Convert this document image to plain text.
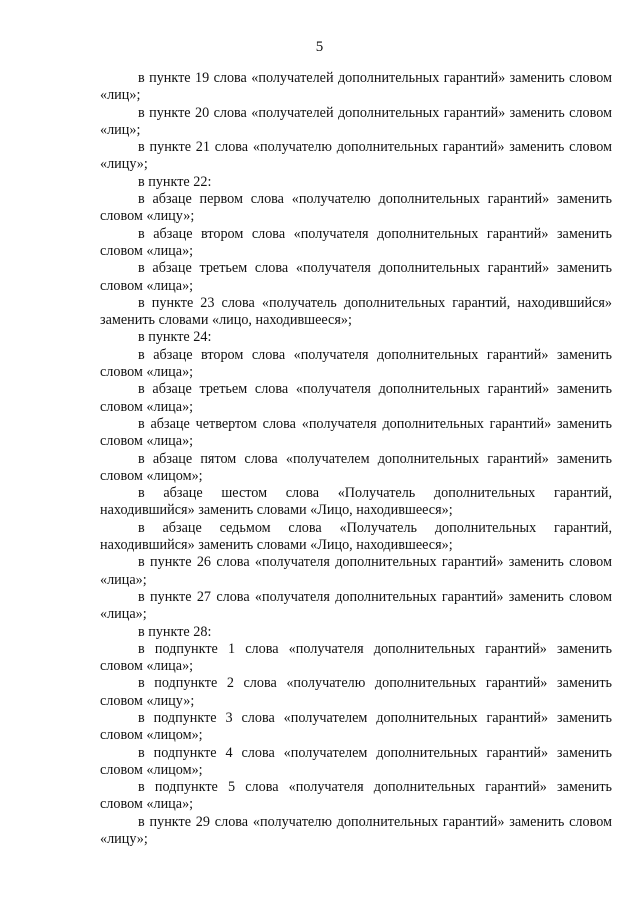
5

в пункте 19 слова «получателей дополнительных гарантий» заменить словом «лиц»;

в пункте 20 слова «получателей дополнительных гарантий» заменить словом «лиц»;

в пункте 21 слова «получателю дополнительных гарантий» заменить словом «лицу»;

в пункте 22:

в абзаце первом слова «получателю дополнительных гарантий» заменить словом «лицу»;

в абзаце втором слова «получателя дополнительных гарантий» заменить словом «лица»;

в абзаце третьем слова «получателя дополнительных гарантий» заменить словом «лица»;

в пункте 23 слова «получатель дополнительных гарантий, находившийся» заменить словами «лицо, находившееся»;

в пункте 24:

в абзаце втором слова «получателя дополнительных гарантий» заменить словом «лица»;

в абзаце третьем слова «получателя дополнительных гарантий» заменить словом «лица»;

в абзаце четвертом слова «получателя дополнительных гарантий» заменить словом «лица»;

в абзаце пятом слова «получателем дополнительных гарантий» заменить словом «лицом»;

в абзаце шестом слова «Получатель дополнительных гарантий, находившийся» заменить словами «Лицо, находившееся»;

в абзаце седьмом слова «Получатель дополнительных гарантий, находившийся» заменить словами «Лицо, находившееся»;

в пункте 26 слова «получателя дополнительных гарантий» заменить словом «лица»;

в пункте 27 слова «получателя дополнительных гарантий» заменить словом «лица»;

в пункте 28:

в подпункте 1 слова «получателя дополнительных гарантий» заменить словом «лица»;

в подпункте 2 слова «получателю дополнительных гарантий» заменить словом «лицу»;

в подпункте 3 слова «получателем дополнительных гарантий» заменить словом «лицом»;

в подпункте 4 слова «получателем дополнительных гарантий» заменить словом «лицом»;

в подпункте 5 слова «получателя дополнительных гарантий» заменить словом «лица»;

в пункте 29 слова «получателю дополнительных гарантий» заменить словом «лицу»;
